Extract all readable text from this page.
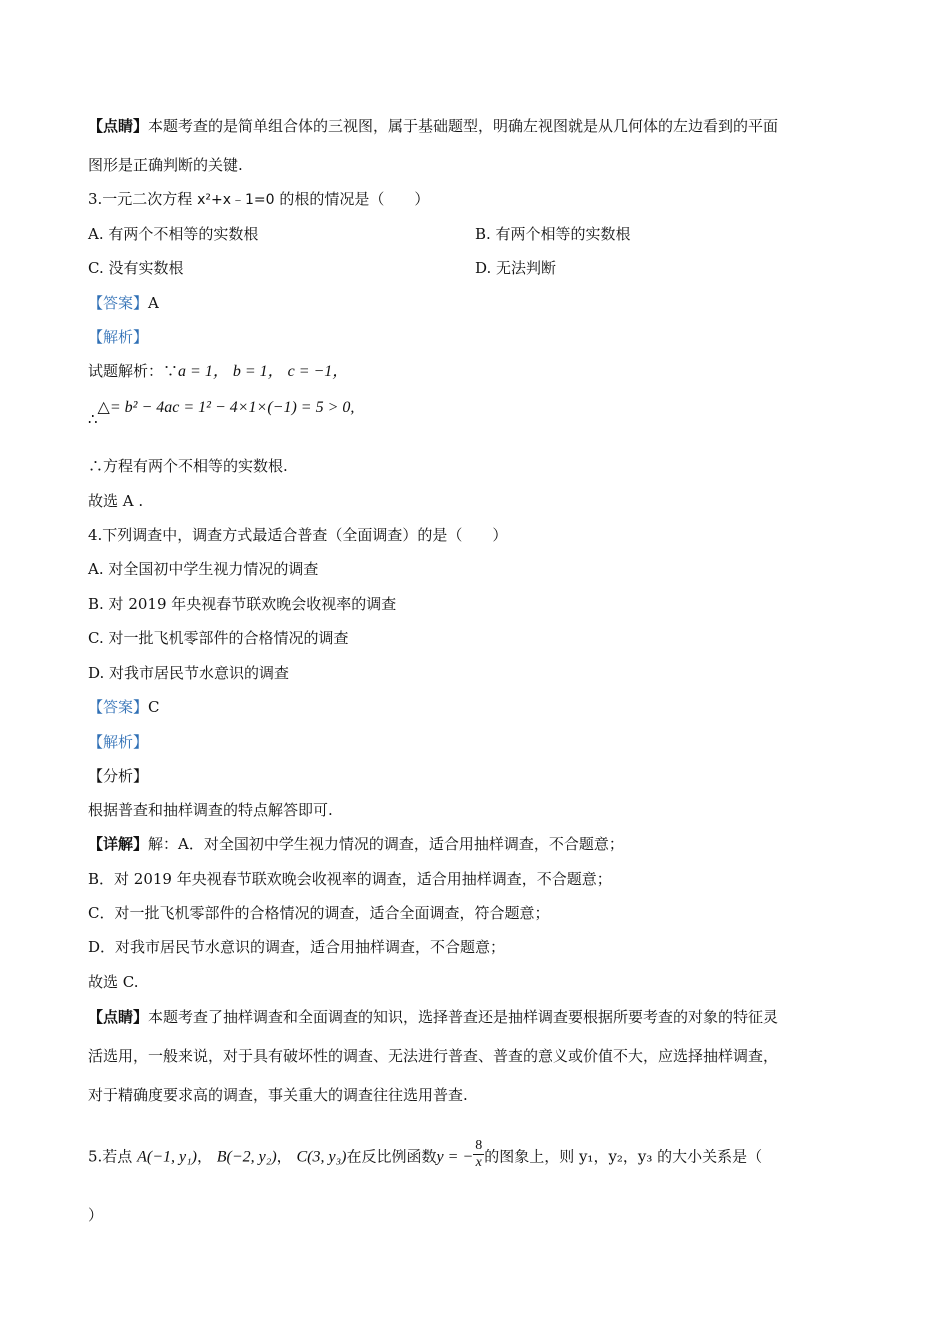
【点睛】本题考查的是简单组合体的三视图，属于基础题型，明确左视图就是从几何体的左边看到的平面
图形是正确判断的关键.
3.一元二次方程 x²+x﹣1=0 的根的情况是（　　）
A. 有两个不相等的实数根	B. 有两个相等的实数根
C. 没有实数根	D. 无法判断
【答案】A
【解析】
试题解析：∵a = 1， b = 1， c = −1，
∴△= b² − 4ac = 1² − 4×1×(−1) = 5 > 0,
∴方程有两个不相等的实数根.
故选 A .
4.下列调查中，调查方式最适合普查（全面调查）的是（　　）
A. 对全国初中学生视力情况的调查
B. 对 2019 年央视春节联欢晚会收视率的调查
C. 对一批飞机零部件的合格情况的调查
D. 对我市居民节水意识的调查
【答案】C
【解析】
【分析】
根据普查和抽样调查的特点解答即可.
【详解】解：A．对全国初中学生视力情况的调查，适合用抽样调查，不合题意；
B．对 2019 年央视春节联欢晚会收视率的调查，适合用抽样调查，不合题意；
C．对一批飞机零部件的合格情况的调查，适合全面调查，符合题意；
D．对我市居民节水意识的调查，适合用抽样调查，不合题意；
故选 C.
【点睛】本题考查了抽样调查和全面调查的知识，选择普查还是抽样调查要根据所要考查的对象的特征灵
活选用，一般来说，对于具有破坏性的调查、无法进行普查、普查的意义或价值不大，应选择抽样调查，
对于精确度要求高的调查，事关重大的调查往往选用普查.
5.若点 A(−1, y₁)， B(−2, y₂)， C(3, y₃)在反比例函数y = − $\frac{8}{x}$ 的图象上，则 y₁，y₂，y₃ 的大小关系是（
）
